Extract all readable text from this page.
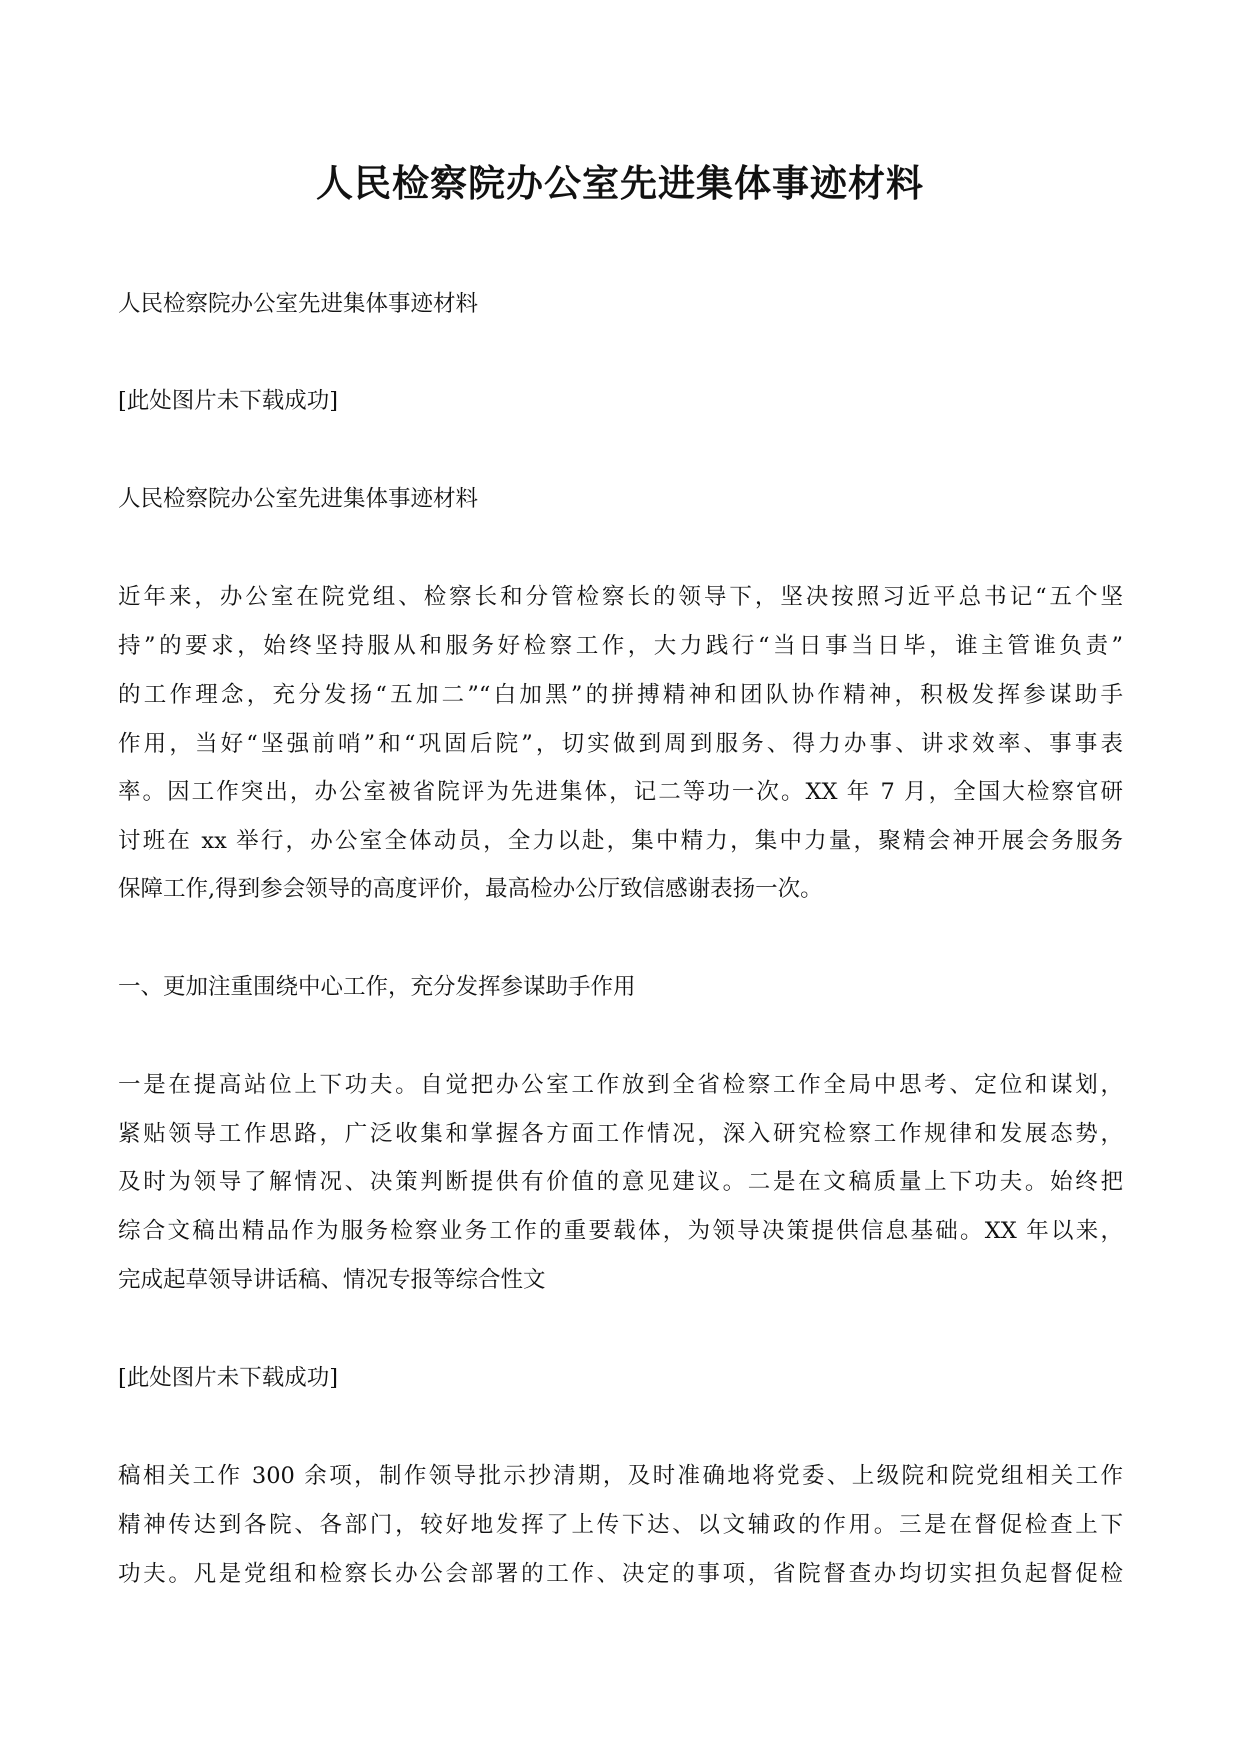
人民检察院办公室先进集体事迹材料

人民检察院办公室先进集体事迹材料

[此处图片未下载成功]

人民检察院办公室先进集体事迹材料

近年来，办公室在院党组、检察长和分管检察长的领导下，坚决按照习近平总书记“五个坚

持”的要求，始终坚持服从和服务好检察工作，大力践行“当日事当日毕，谁主管谁负责”

的工作理念，充分发扬“五加二”“白加黑”的拼搏精神和团队协作精神，积极发挥参谋助手

作用，当好“坚强前哨”和“巩固后院”，切实做到周到服务、得力办事、讲求效率、事事表

率。因工作突出，办公室被省院评为先进集体，记二等功一次。XX 年 7 月，全国大检察官研

讨班在 xx 举行，办公室全体动员，全力以赴，集中精力，集中力量，聚精会神开展会务服务

保障工作,得到参会领导的高度评价，最高检办公厅致信感谢表扬一次。

一、更加注重围绕中心工作，充分发挥参谋助手作用

一是在提高站位上下功夫。自觉把办公室工作放到全省检察工作全局中思考、定位和谋划，

紧贴领导工作思路，广泛收集和掌握各方面工作情况，深入研究检察工作规律和发展态势，

及时为领导了解情况、决策判断提供有价值的意见建议。二是在文稿质量上下功夫。始终把

综合文稿出精品作为服务检察业务工作的重要载体，为领导决策提供信息基础。XX 年以来，

完成起草领导讲话稿、情况专报等综合性文

[此处图片未下载成功]

稿相关工作 300 余项，制作领导批示抄清期，及时准确地将党委、上级院和院党组相关工作

精神传达到各院、各部门，较好地发挥了上传下达、以文辅政的作用。三是在督促检查上下

功夫。凡是党组和检察长办公会部署的工作、决定的事项，省院督查办均切实担负起督促检
